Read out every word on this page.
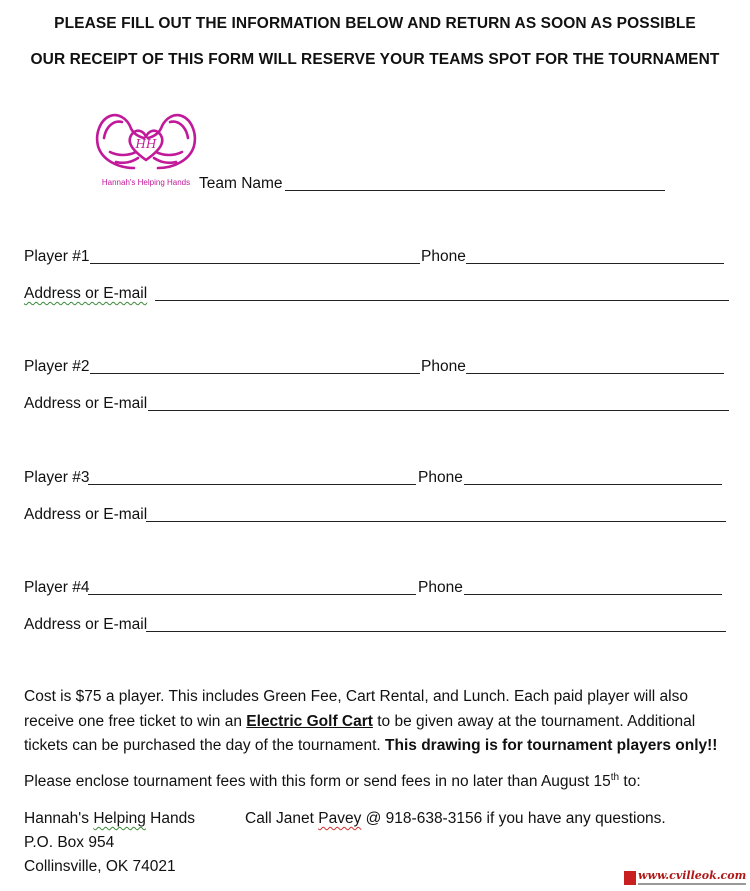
PLEASE FILL OUT THE INFORMATION BELOW AND RETURN AS SOON AS POSSIBLE
OUR RECEIPT OF THIS FORM WILL RESERVE YOUR TEAMS SPOT FOR THE TOURNAMENT
HH
Hannah's Helping Hands Team Name
Player #1	Phone
Address or E-mail
Player #2	Phone
Address or E-mail
Player #3	Phone
Address or E-mail
Player #4	Phone
Address or E-mail
Cost is $75 a player. This includes Green Fee, Cart Rental, and Lunch. Each paid player will also receive one free ticket to win an Electric Golf Cart to be given away at the tournament. Additional tickets can be purchased the day of the tournament. This drawing is for tournament players only!!
Please enclose tournament fees with this form or send fees in no later than August 15th to:
Hannah's Helping Hands
P.O. Box 954
Collinsville, OK 74021
Call Janet Pavey @ 918-638-3156 if you have any questions.
www.cvilleok.com
